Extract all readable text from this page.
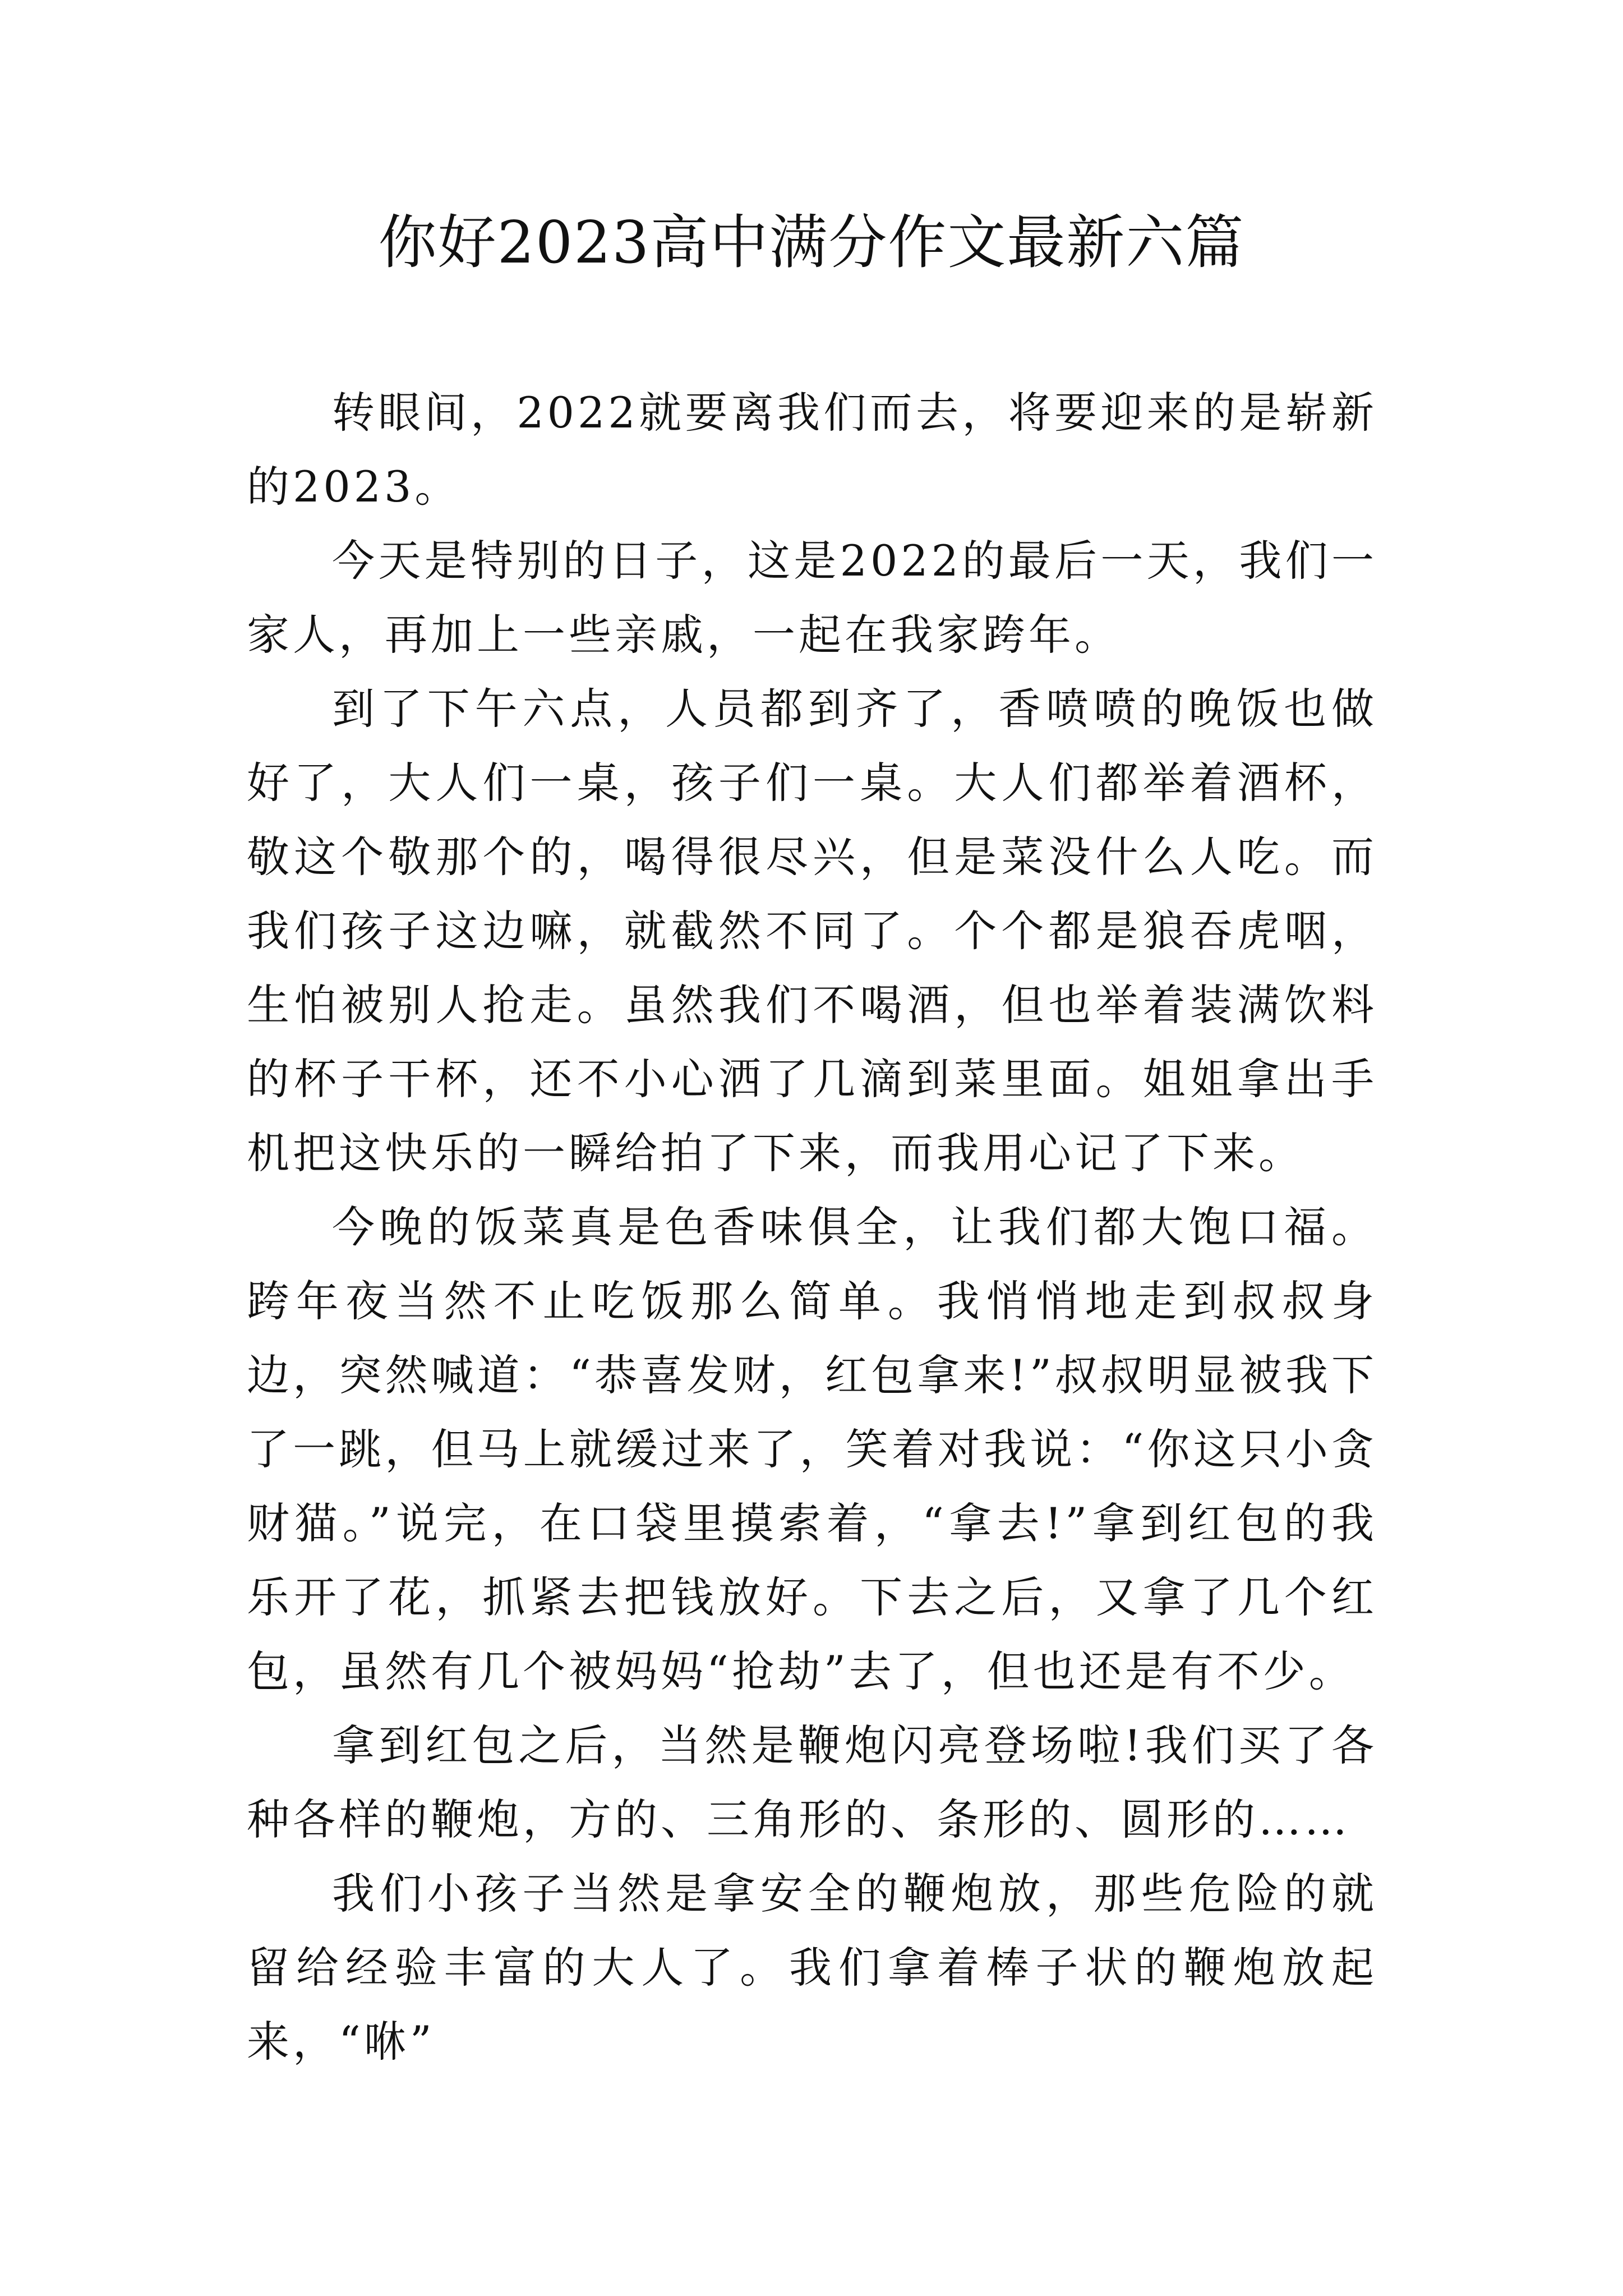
你好2023高中满分作文最新六篇

转眼间，2022就要离我们而去，将要迎来的是崭新的2023。

今天是特别的日子，这是2022的最后一天，我们一家人，再加上一些亲戚，一起在我家跨年。

到了下午六点，人员都到齐了，香喷喷的晚饭也做好了，大人们一桌，孩子们一桌。大人们都举着酒杯，敬这个敬那个的，喝得很尽兴，但是菜没什么人吃。而我们孩子这边嘛，就截然不同了。个个都是狼吞虎咽，生怕被别人抢走。虽然我们不喝酒，但也举着装满饮料的杯子干杯，还不小心洒了几滴到菜里面。姐姐拿出手机把这快乐的一瞬给拍了下来，而我用心记了下来。

今晚的饭菜真是色香味俱全，让我们都大饱口福。跨年夜当然不止吃饭那么简单。我悄悄地走到叔叔身边，突然喊道：“恭喜发财，红包拿来!”叔叔明显被我下了一跳，但马上就缓过来了，笑着对我说：“你这只小贪财猫。”说完，在口袋里摸索着，“拿去!”拿到红包的我乐开了花，抓紧去把钱放好。下去之后，又拿了几个红包，虽然有几个被妈妈“抢劫”去了，但也还是有不少。

拿到红包之后，当然是鞭炮闪亮登场啦!我们买了各种各样的鞭炮，方的、三角形的、条形的、圆形的……

我们小孩子当然是拿安全的鞭炮放，那些危险的就留给经验丰富的大人了。我们拿着棒子状的鞭炮放起来，“咻”
